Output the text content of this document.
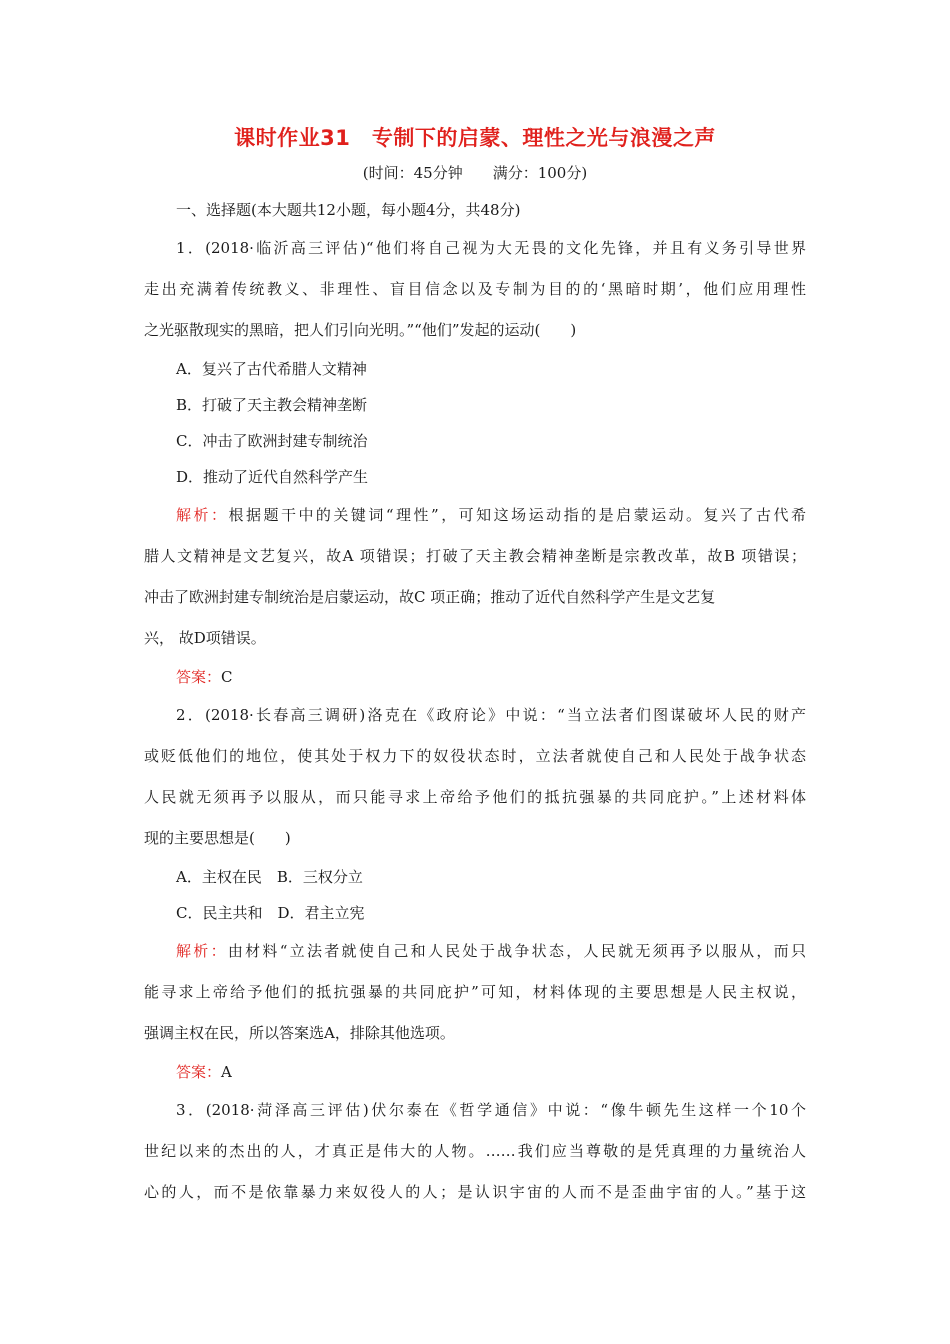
课时作业31　专制下的启蒙、理性之光与浪漫之声
(时间：45分钟　　满分：100分)
一、选择题(本大题共12小题，每小题4分，共48分)
1．(2018·临沂高三评估)“他们将自己视为大无畏的文化先锋，并且有义务引导世界
走出充满着传统教义、非理性、盲目信念以及专制为目的的‘黑暗时期’，他们应用理性
之光驱散现实的黑暗，把人们引向光明。”“他们”发起的运动(　　)
A．复兴了古代希腊人文精神
B．打破了天主教会精神垄断
C．冲击了欧洲封建专制统治
D．推动了近代自然科学产生
解析：根据题干中的关键词“理性”，可知这场运动指的是启蒙运动。复兴了古代希
腊人文精神是文艺复兴，故A 项错误；打破了天主教会精神垄断是宗教改革，故B 项错误；
冲击了欧洲封建专制统治是启蒙运动，故C 项正确；推动了近代自然科学产生是文艺复
兴， 故D项错误。
答案：C
2．(2018·长春高三调研)洛克在《政府论》中说：“当立法者们图谋破坏人民的财产
或贬低他们的地位，使其处于权力下的奴役状态时，立法者就使自己和人民处于战争状态
人民就无须再予以服从，而只能寻求上帝给予他们的抵抗强暴的共同庇护。”上述材料体
现的主要思想是(　　)
A．主权在民　B．三权分立
C．民主共和　D．君主立宪
解析：由材料“立法者就使自己和人民处于战争状态，人民就无须再予以服从，而只
能寻求上帝给予他们的抵抗强暴的共同庇护”可知，材料体现的主要思想是人民主权说，
强调主权在民，所以答案选A，排除其他选项。
答案：A
3．(2018·菏泽高三评估)伏尔泰在《哲学通信》中说：“像牛顿先生这样一个10个
世纪以来的杰出的人，才真正是伟大的人物。……我们应当尊敬的是凭真理的力量统治人
心的人，而不是依靠暴力来奴役人的人；是认识宇宙的人而不是歪曲宇宙的人。”基于这
